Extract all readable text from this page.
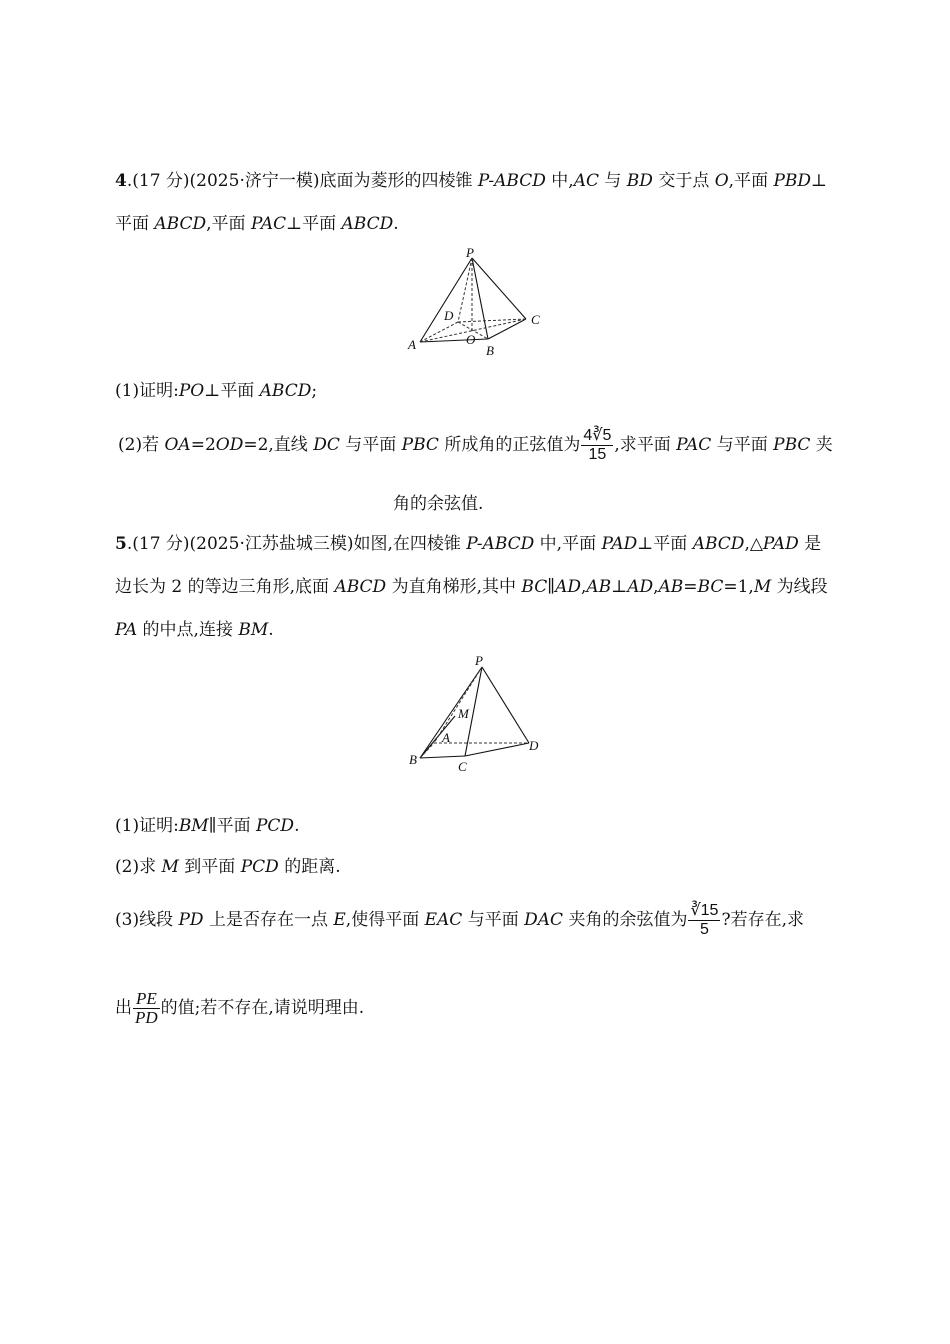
4.(17 分)(2025·济宁一模)底面为菱形的四棱锥 P-ABCD 中,AC 与 BD 交于点 O,平面 PBD⊥
平面 ABCD,平面 PAC⊥平面 ABCD.
P
A	B
C
D
O
(1)证明:PO⊥平面 ABCD;
(2)若 OA=2OD=2,直线 DC 与平面 PBC 所成角的正弦值为 $\frac{4∛5}{15}$ ,求平面 PAC 与平面 PBC 夹
角的余弦值.
5.(17 分)(2025·江苏盐城三模)如图,在四棱锥 P-ABCD 中,平面 PAD⊥平面 ABCD,△PAD 是
边长为 2 的等边三角形,底面 ABCD 为直角梯形,其中 BC∥AD,AB⊥AD,AB=BC=1,M 为线段
PA 的中点,连接 BM.
P
M
A
B	C
D
(1)证明:BM∥平面 PCD.
(2)求 M 到平面 PCD 的距离.
(3)线段 PD 上是否存在一点 E,使得平面 EAC 与平面 DAC 夹角的余弦值为 $\frac{∛15}{5}$ ?若存在,求
出 $\frac{PE}{PD}$ 的值;若不存在,请说明理由.
